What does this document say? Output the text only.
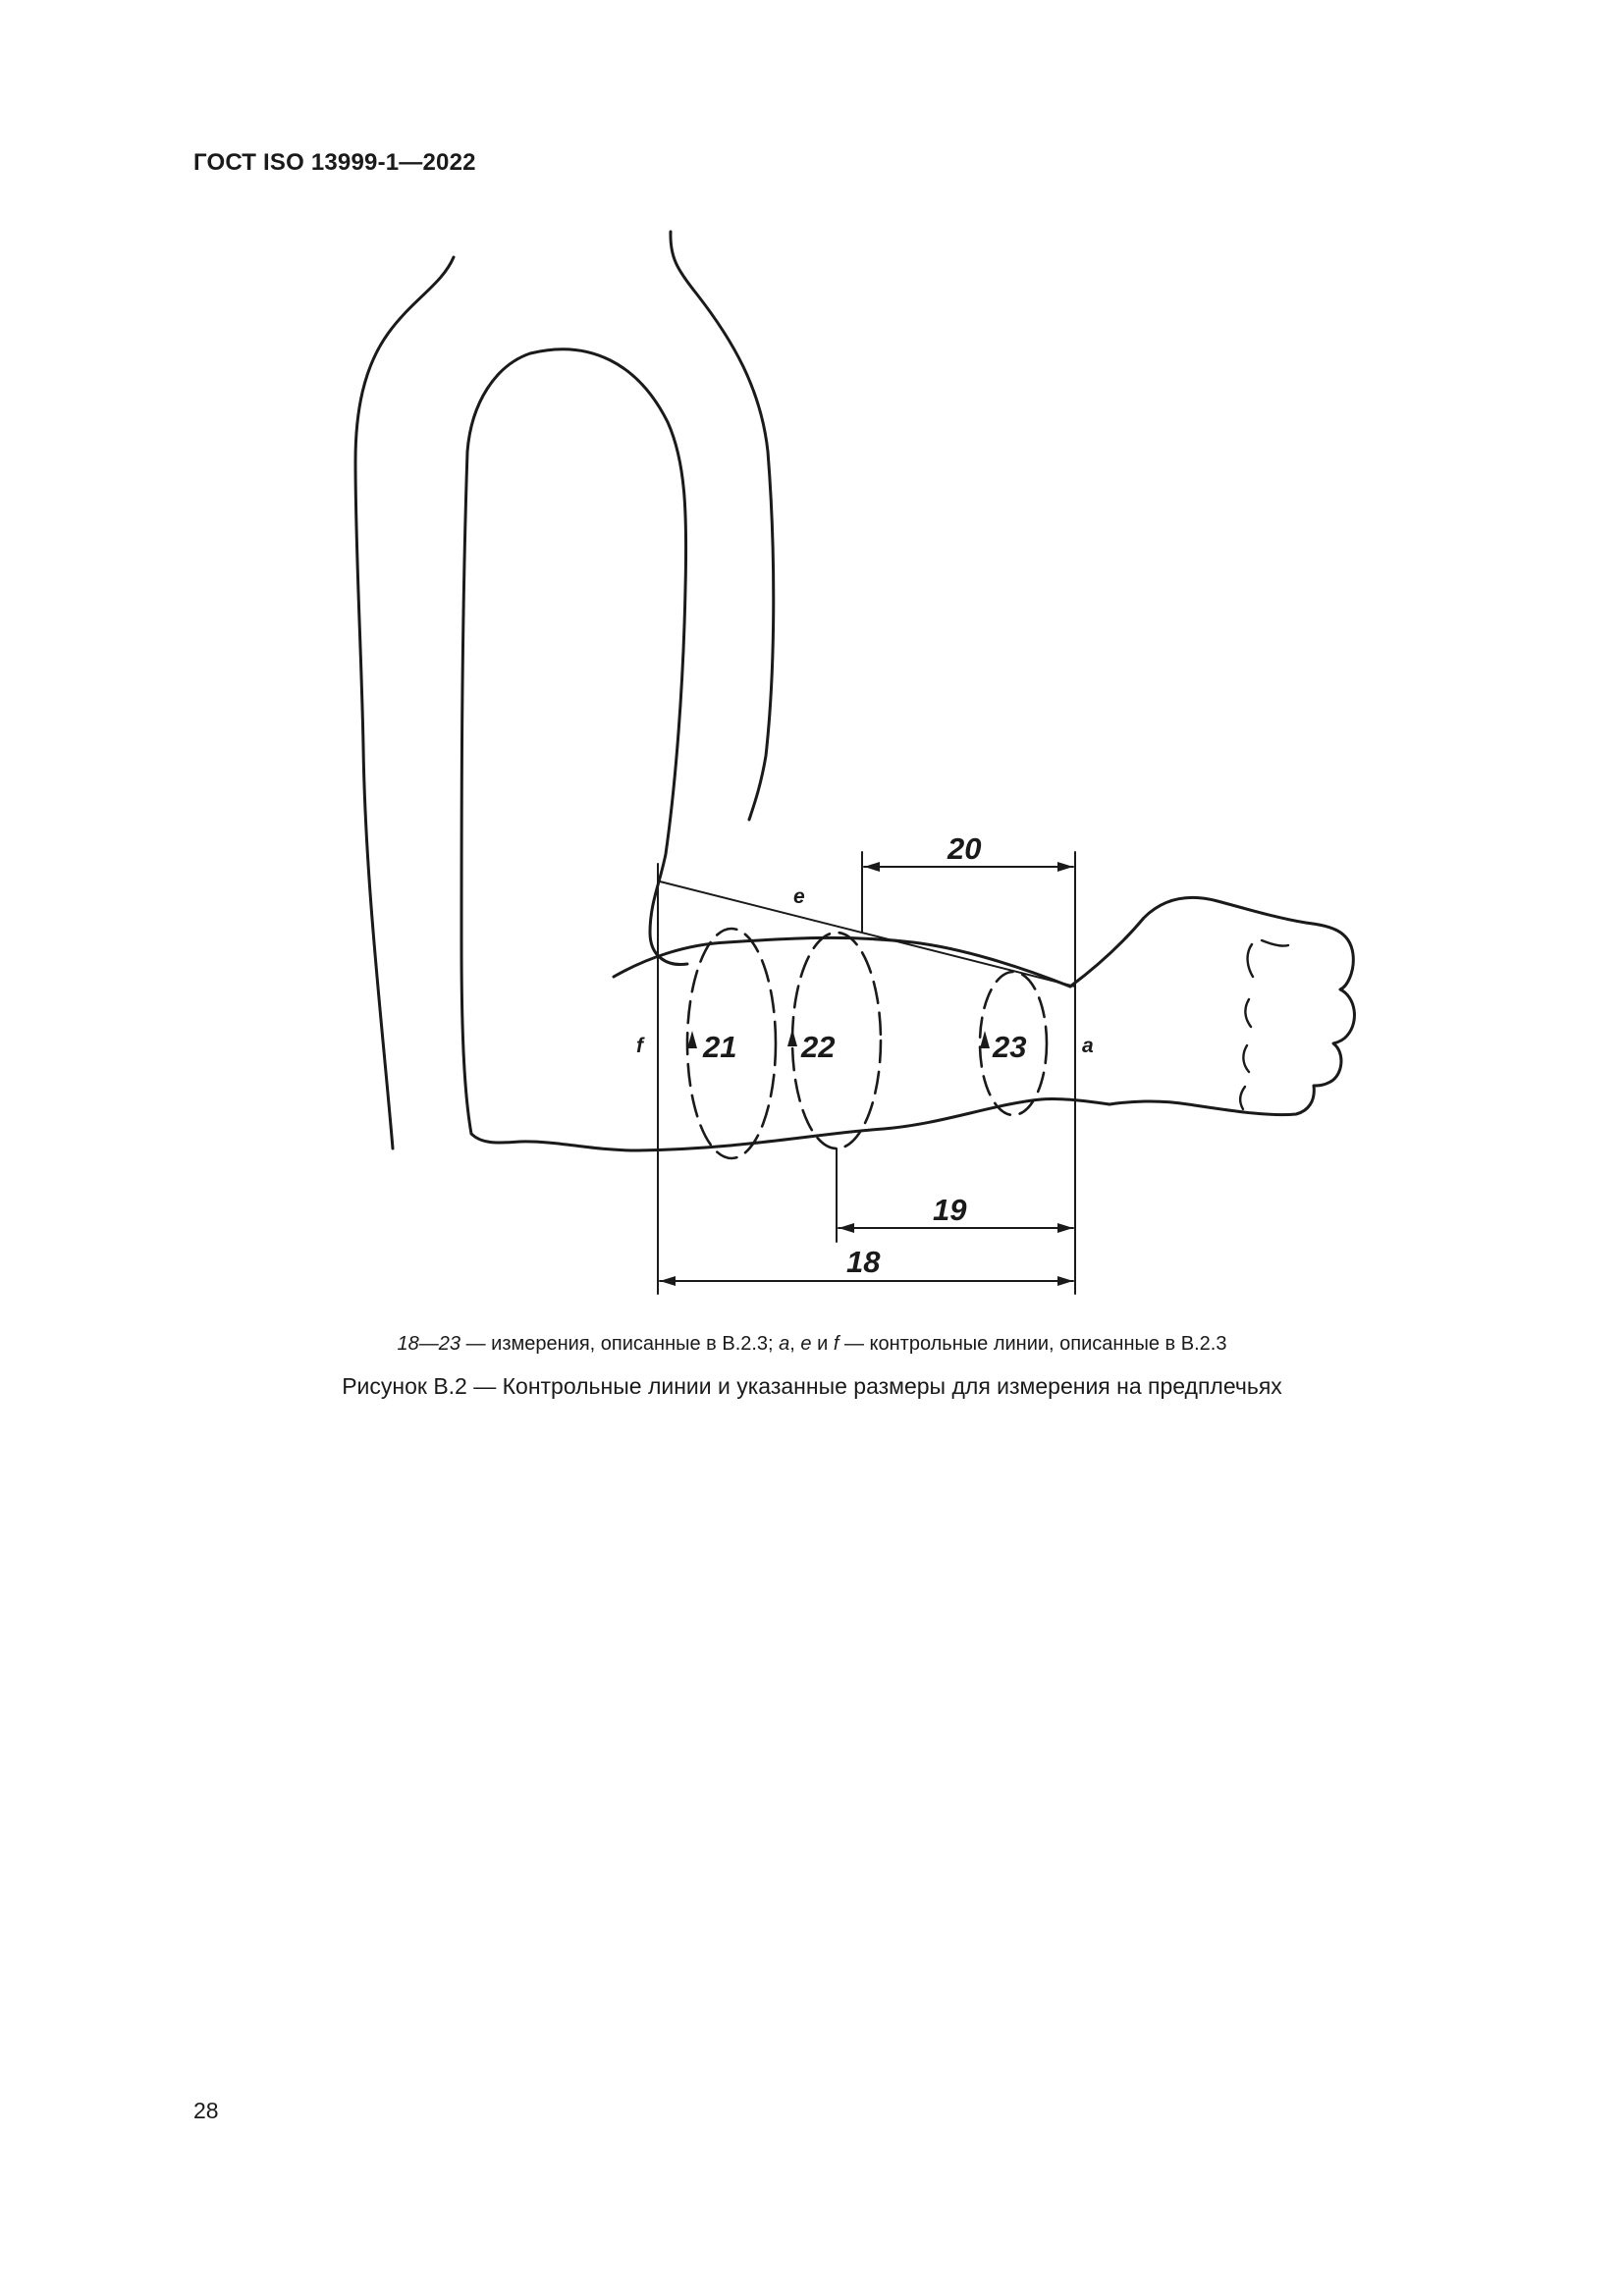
ГОСТ ISO 13999-1—2022
20
21 22	23
19
18
e
f	a
18—23 — измерения, описанные в В.2.3; a, e и f — контрольные линии, описанные в В.2.3
Рисунок В.2 — Контрольные линии и указанные размеры для измерения на предплечьях
28
